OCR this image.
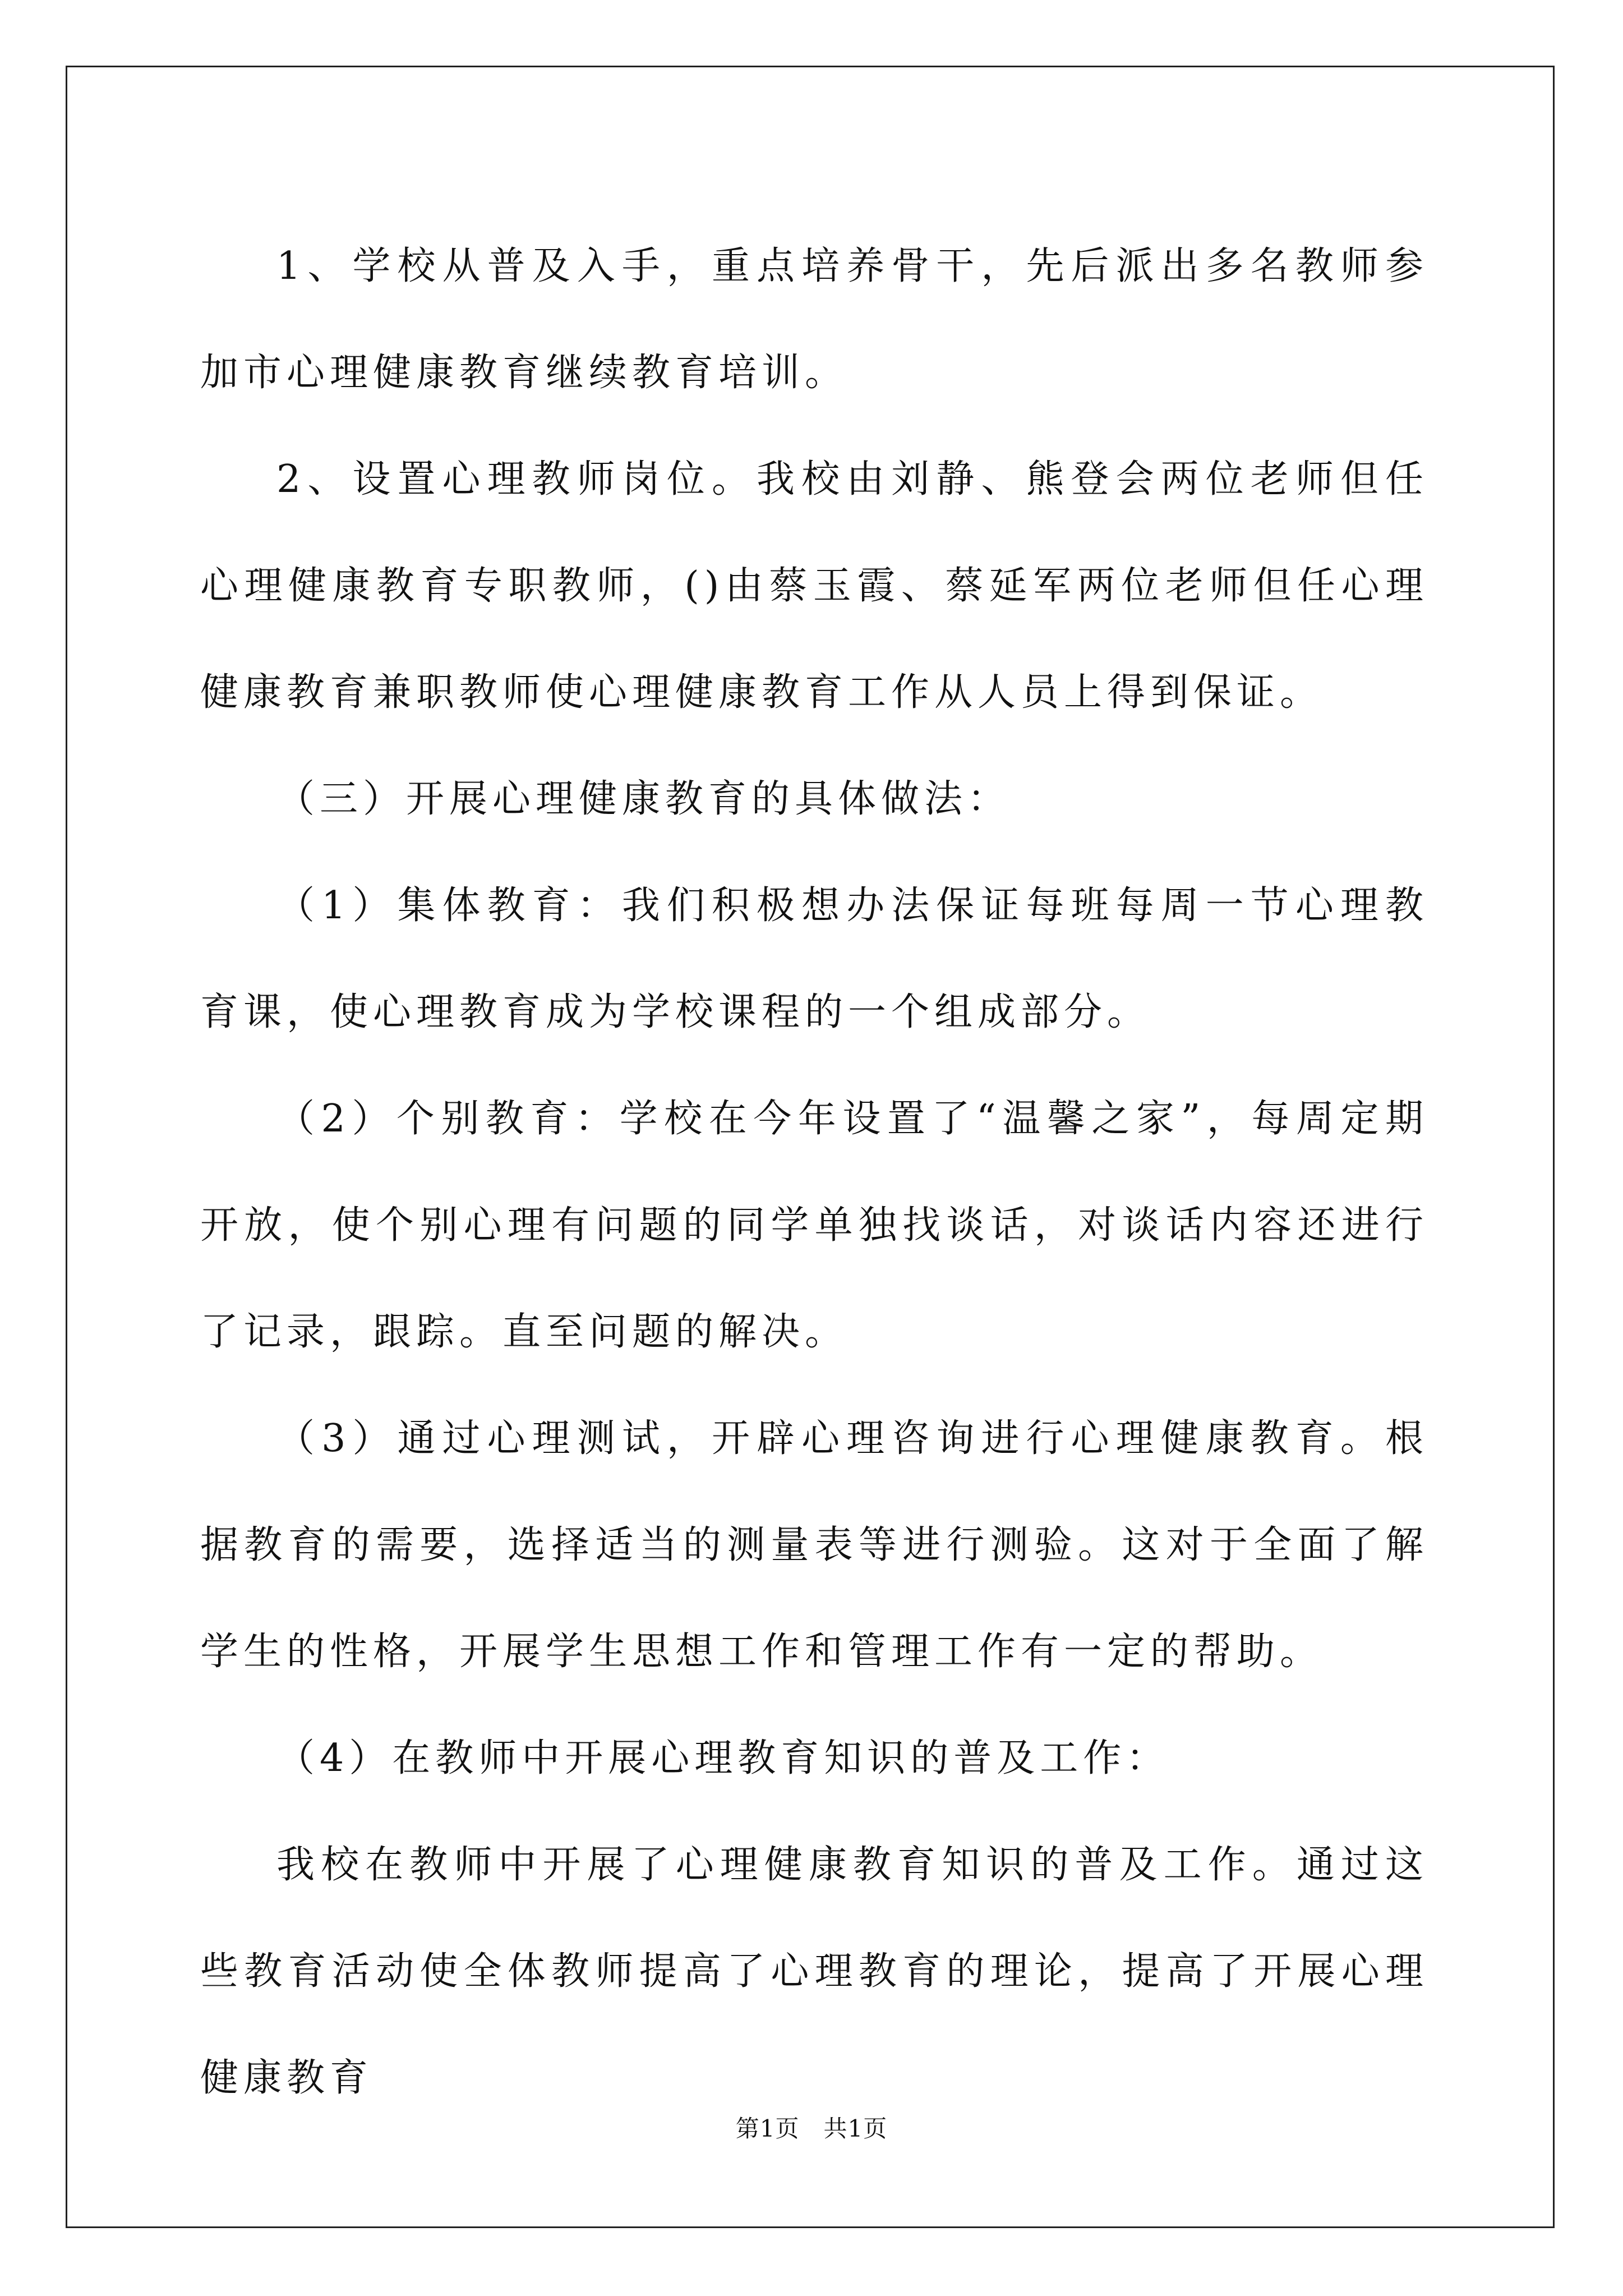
1、学校从普及入手，重点培养骨干，先后派出多名教师参加市心理健康教育继续教育培训。

2、设置心理教师岗位。我校由刘静、熊登会两位老师但任心理健康教育专职教师，()由蔡玉霞、蔡延军两位老师但任心理健康教育兼职教师使心理健康教育工作从人员上得到保证。

（三）开展心理健康教育的具体做法：

（1）集体教育：我们积极想办法保证每班每周一节心理教育课，使心理教育成为学校课程的一个组成部分。

（2）个别教育：学校在今年设置了“温馨之家”，每周定期开放，使个别心理有问题的同学单独找谈话，对谈话内容还进行了记录，跟踪。直至问题的解决。

（3）通过心理测试，开辟心理咨询进行心理健康教育。根据教育的需要，选择适当的测量表等进行测验。这对于全面了解学生的性格，开展学生思想工作和管理工作有一定的帮助。

（4）在教师中开展心理教育知识的普及工作：

我校在教师中开展了心理健康教育知识的普及工作。通过这些教育活动使全体教师提高了心理教育的理论，提高了开展心理健康教育

第1页　共1页
